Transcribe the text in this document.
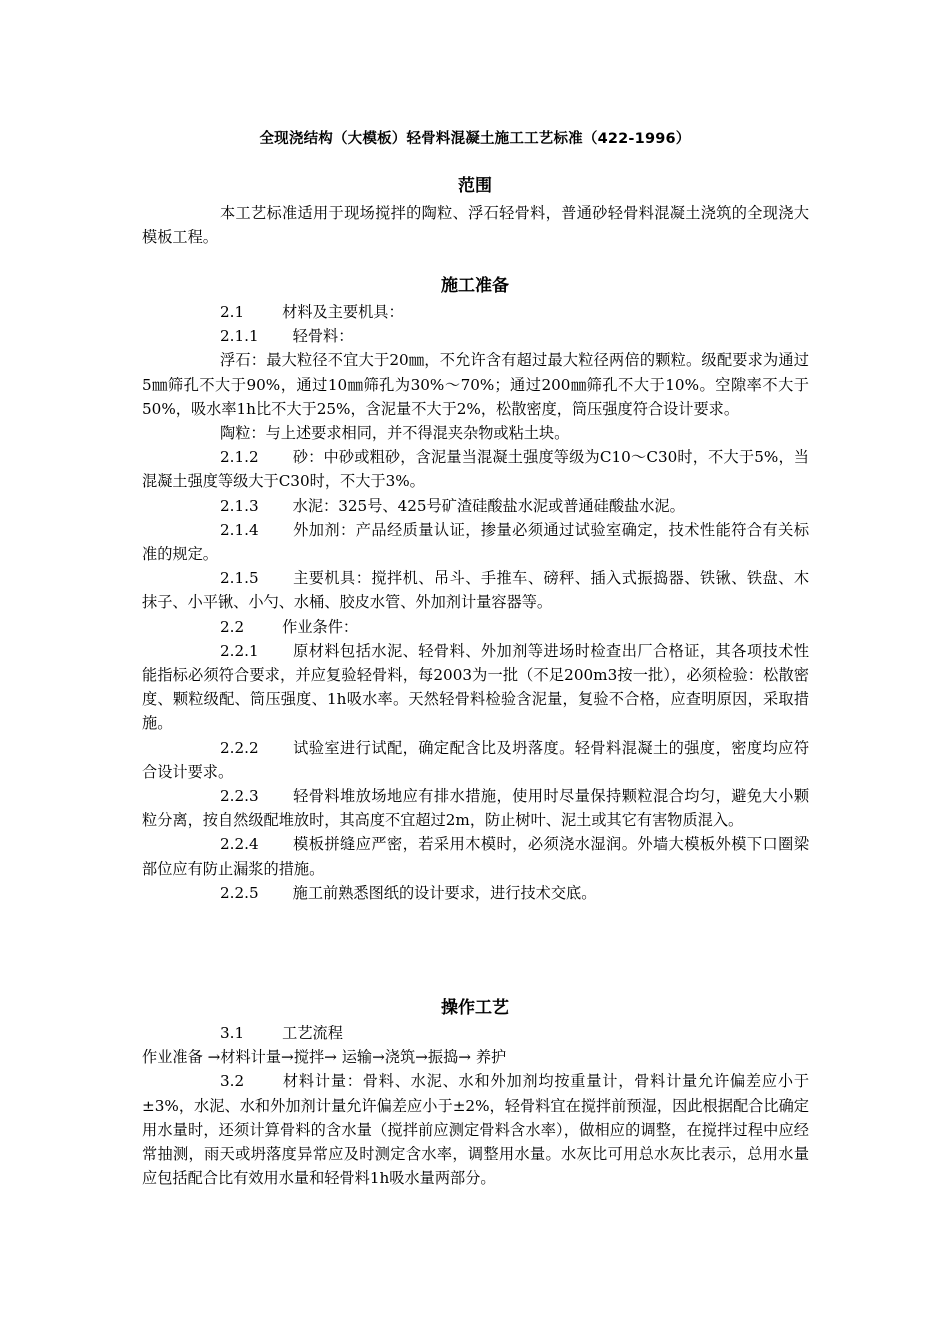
全现浇结构（大模板）轻骨料混凝土施工工艺标准（422-1996）
范围

本工艺标准适用于现场搅拌的陶粒、浮石轻骨料，普通砂轻骨料混凝土浇筑的全现浇大模板工程。

施工准备

2.1	材料及主要机具：

2.1.1 轻骨料：

浮石：最大粒径不宜大于20㎜，不允许含有超过最大粒径两倍的颗粒。级配要求为通过5㎜筛孔不大于90%，通过10㎜筛孔为30%～70%；通过200㎜筛孔不大于10%。空隙率不大于50%，吸水率1h比不大于25%，含泥量不大于2%，松散密度，筒压强度符合设计要求。

陶粒：与上述要求相同，并不得混夹杂物或粘土块。

2.1.2 砂：中砂或粗砂，含泥量当混凝土强度等级为C10～C30时，不大于5%，当混凝土强度等级大于C30时，不大于3%。

2.1.3 水泥：325号、425号矿渣硅酸盐水泥或普通硅酸盐水泥。

2.1.4 外加剂：产品经质量认证，掺量必须通过试验室确定，技术性能符合有关标准的规定。

2.1.5 主要机具：搅拌机、吊斗、手推车、磅秤、插入式振捣器、铁锹、铁盘、木抹子、小平锹、小勺、水桶、胶皮水管、外加剂计量容器等。

2.2	作业条件：

2.2.1 原材料包括水泥、轻骨料、外加剂等进场时检查出厂合格证，其各项技术性能指标必须符合要求，并应复验轻骨料，每2003为一批（不足200m3按一批），必须检验：松散密度、颗粒级配、筒压强度、1h吸水率。天然轻骨料检验含泥量，复验不合格，应查明原因，采取措施。

2.2.2 试验室进行试配，确定配含比及坍落度。轻骨料混凝土的强度，密度均应符合设计要求。

2.2.3 轻骨料堆放场地应有排水措施，使用时尽量保持颗粒混合均匀，避免大小颗粒分离，按自然级配堆放时，其高度不宜超过2m，防止树叶、泥土或其它有害物质混入。

2.2.4 模板拼缝应严密，若采用木模时，必须浇水湿润。外墙大模板外模下口圈梁部位应有防止漏浆的措施。

2.2.5 施工前熟悉图纸的设计要求，进行技术交底。

操作工艺

3.1	工艺流程

作业准备 →材料计量→搅拌→ 运输→浇筑→振捣→ 养护

3.2	材料计量：骨料、水泥、水和外加剂均按重量计，骨料计量允许偏差应小于±3%，水泥、水和外加剂计量允许偏差应小于±2%，轻骨料宜在搅拌前预湿，因此根据配合比确定用水量时，还须计算骨料的含水量（搅拌前应测定骨料含水率），做相应的调整，在搅拌过程中应经常抽测，雨天或坍落度异常应及时测定含水率，调整用水量。水灰比可用总水灰比表示，总用水量应包括配合比有效用水量和轻骨料1h吸水量两部分。
